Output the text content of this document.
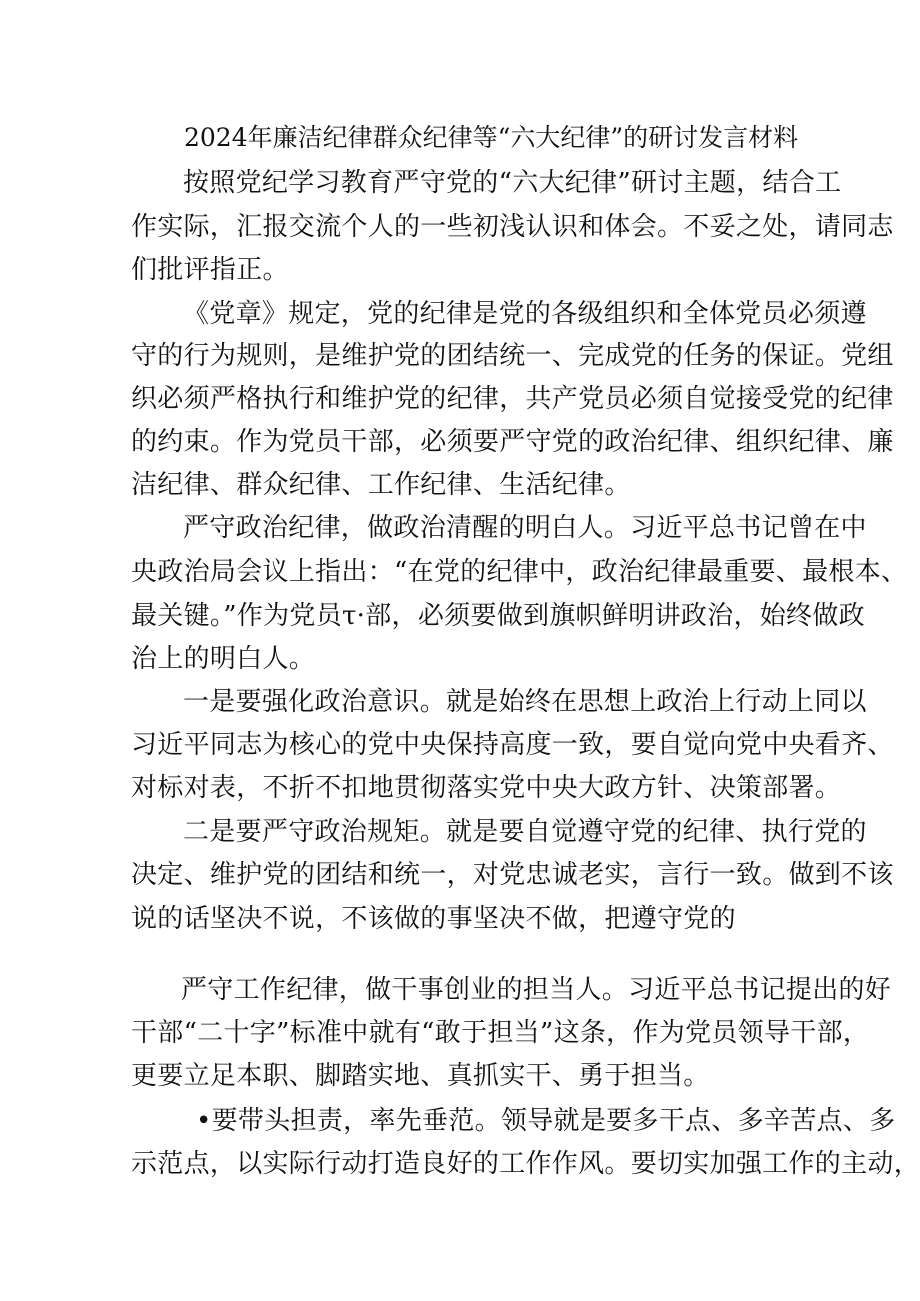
2024年廉洁纪律群众纪律等“六大纪律”的研讨发言材料
按照党纪学习教育严守党的“六大纪律”研讨主题，结合工
作实际，汇报交流个人的一些初浅认识和体会。不妥之处，请同志
们批评指正。
《党章》规定，党的纪律是党的各级组织和全体党员必须遵
守的行为规则，是维护党的团结统一、完成党的任务的保证。党组
织必须严格执行和维护党的纪律，共产党员必须自觉接受党的纪律
的约束。作为党员干部，必须要严守党的政治纪律、组织纪律、廉
洁纪律、群众纪律、工作纪律、生活纪律。
严守政治纪律，做政治清醒的明白人。习近平总书记曾在中
央政治局会议上指出：“在党的纪律中，政治纪律最重要、最根本、
最关键。”作为党员τ·部，必须要做到旗帜鲜明讲政治，始终做政
治上的明白人。
一是要强化政治意识。就是始终在思想上政治上行动上同以
习近平同志为核心的党中央保持高度一致，要自觉向党中央看齐、
对标对表，不折不扣地贯彻落实党中央大政方针、决策部署。
二是要严守政治规矩。就是要自觉遵守党的纪律、执行党的
决定、维护党的团结和统一，对党忠诚老实，言行一致。做到不该
说的话坚决不说，不该做的事坚决不做，把遵守党的
严守工作纪律，做干事创业的担当人。习近平总书记提出的好
干部“二十字”标准中就有“敢于担当”这条，作为党员领导干部，
更要立足本职、脚踏实地、真抓实干、勇于担当。
•要带头担责，率先垂范。领导就是要多干点、多辛苦点、多
示范点，以实际行动打造良好的工作作风。要切实加强工作的主动，
